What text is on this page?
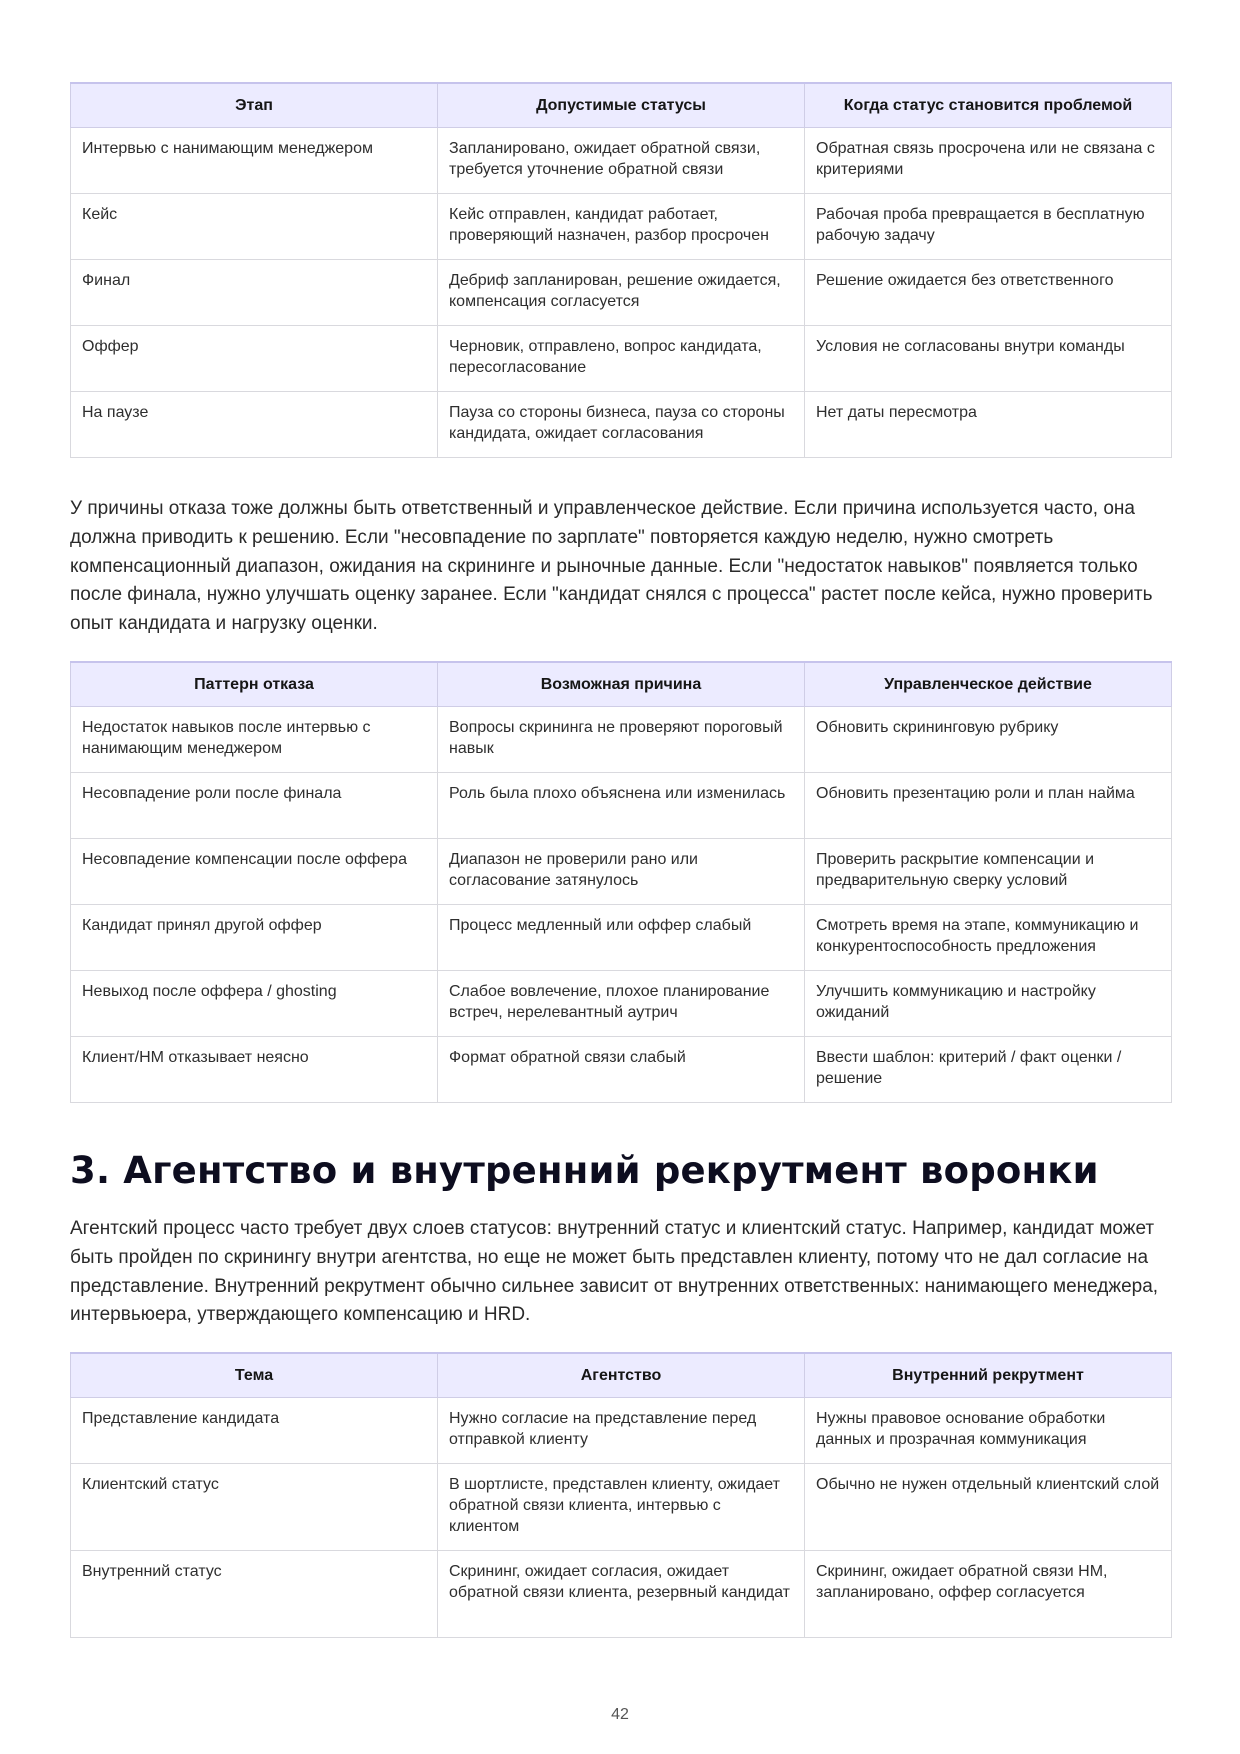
Этап	Допустимые статусы	Когда статус становится проблемой
Интервью с нанимающим менеджером	Запланировано, ожидает обратной связи, требуется уточнение обратной связи	Обратная связь просрочена или не связана с критериями
Кейс	Кейс отправлен, кандидат работает, проверяющий назначен, разбор просрочен	Рабочая проба превращается в бесплатную рабочую задачу
Финал	Дебриф запланирован, решение ожидается, компенсация согласуется	Решение ожидается без ответственного
Оффер	Черновик, отправлено, вопрос кандидата, пересогласование	Условия не согласованы внутри команды
На паузе	Пауза со стороны бизнеса, пауза со стороны кандидата, ожидает согласования	Нет даты пересмотра

У причины отказа тоже должны быть ответственный и управленческое действие. Если причина используется часто, она должна приводить к решению. Если "несовпадение по зарплате" повторяется каждую неделю, нужно смотреть компенсационный диапазон, ожидания на скрининге и рыночные данные. Если "недостаток навыков" появляется только после финала, нужно улучшать оценку заранее. Если "кандидат снялся с процесса" растет после кейса, нужно проверить опыт кандидата и нагрузку оценки.

Паттерн отказа	Возможная причина	Управленческое действие
Недостаток навыков после интервью с нанимающим менеджером	Вопросы скрининга не проверяют пороговый навык	Обновить скрининговую рубрику
Несовпадение роли после финала	Роль была плохо объяснена или изменилась	Обновить презентацию роли и план найма
Несовпадение компенсации после оффера	Диапазон не проверили рано или согласование затянулось	Проверить раскрытие компенсации и предварительную сверку условий
Кандидат принял другой оффер	Процесс медленный или оффер слабый	Смотреть время на этапе, коммуникацию и конкурентоспособность предложения
Невыход после оффера / ghosting	Слабое вовлечение, плохое планирование встреч, нерелевантный аутрич	Улучшить коммуникацию и настройку ожиданий
Клиент/НМ отказывает неясно	Формат обратной связи слабый	Ввести шаблон: критерий / факт оценки / решение
3. Агентство и внутренний рекрутмент воронки

Агентский процесс часто требует двух слоев статусов: внутренний статус и клиентский статус. Например, кандидат может быть пройден по скринингу внутри агентства, но еще не может быть представлен клиенту, потому что не дал согласие на представление. Внутренний рекрутмент обычно сильнее зависит от внутренних ответственных: нанимающего менеджера, интервьюера, утверждающего компенсацию и HRD.

Тема	Агентство	Внутренний рекрутмент
Представление кандидата	Нужно согласие на представление перед отправкой клиенту	Нужны правовое основание обработки данных и прозрачная коммуникация
Клиентский статус	В шортлисте, представлен клиенту, ожидает обратной связи клиента, интервью с клиентом	Обычно не нужен отдельный клиентский слой
Внутренний статус	Скрининг, ожидает согласия, ожидает обратной связи клиента, резервный кандидат	Скрининг, ожидает обратной связи НМ, запланировано, оффер согласуется
42
